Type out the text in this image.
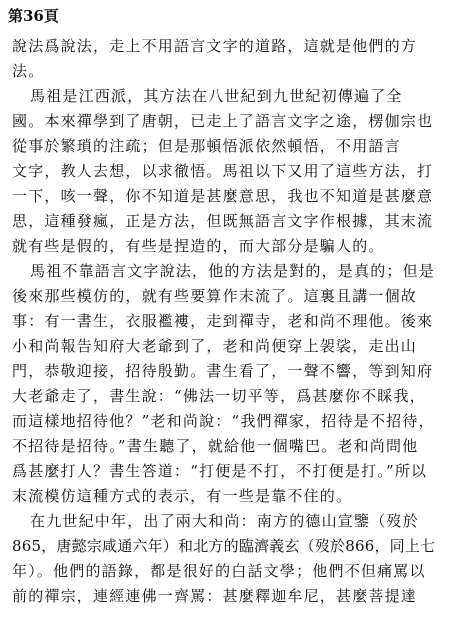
第36頁
說法爲說法，走上不用語言文字的道路，這就是他們的方
法。
馬祖是江西派，其方法在八世紀到九世紀初傳遍了全
國。本來禪學到了唐朝，已走上了語言文字之途，楞伽宗也
從事於繁瑣的注疏；但是那頓悟派依然頓悟，不用語言
文字，教人去想，以求徹悟。馬祖以下又用了這些方法，打
一下，咳一聲，你不知道是甚麼意思，我也不知道是甚麼意
思，這種發瘋，正是方法，但既無語言文字作根據，其末流
就有些是假的，有些是捏造的，而大部分是騙人的。
馬祖不靠語言文字說法，他的方法是對的，是真的；但是
後來那些模仿的，就有些要算作末流了。這裏且講一個故
事：有一書生，衣服襤褸，走到禪寺，老和尚不理他。後來
小和尚報告知府大老爺到了，老和尚便穿上袈裟，走出山
門，恭敬迎接，招待殷勤。書生看了，一聲不響，等到知府
大老爺走了，書生說：“佛法一切平等，爲甚麼你不睬我，
而這樣地招待他？”老和尚說：“我們禪家，招待是不招待，
不招待是招待。”書生聽了，就給他一個嘴巴。老和尚問他
爲甚麼打人？書生答道：“打便是不打，不打便是打。”所以
末流模仿這種方式的表示，有一些是靠不住的。
在九世紀中年，出了兩大和尚：南方的德山宣鑒（歿於
865，唐懿宗咸通六年）和北方的臨濟義玄（歿於866，同上七
年）。他們的語錄，都是很好的白話文學；他們不但痛罵以
前的禪宗，連經連佛一齊罵：甚麼釋迦牟尼，甚麼菩提達
